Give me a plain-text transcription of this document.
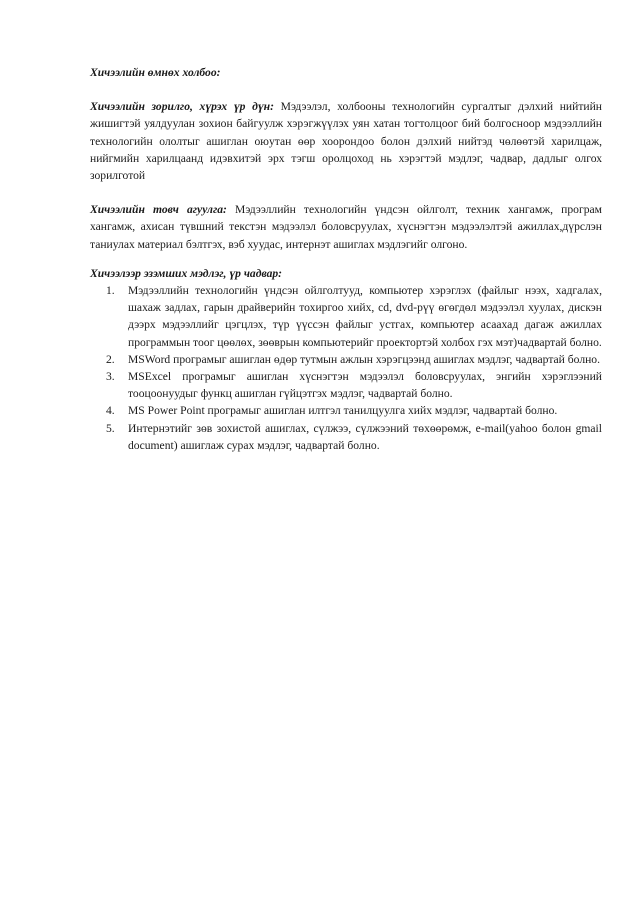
Хичээлийн өмнөх холбоо:

Хичээлийн зорилго, хүрэх үр дүн: Мэдээлэл, холбооны технологийн сургалтыг дэлхий нийтийн жишигтэй уялдуулан зохион байгуулж хэрэгжүүлэх уян хатан тогтолцоог бий болгосноор мэдээллийн технологийн ололтыг ашиглан оюутан өөр хоорондоо болон дэлхий нийтэд чөлөөтэй харилцаж, нийгмийн харилцаанд идэвхитэй эрх тэгш оролцоход нь хэрэгтэй мэдлэг, чадвар, дадлыг олгох зорилготой

Хичээлийн товч агуулга: Мэдээллийн технологийн үндсэн ойлголт, техник хангамж, програм хангамж, ахисан түвшний текстэн мэдээлэл боловсруулах, хүснэгтэн мэдээлэлтэй ажиллах,дүрслэн таниулах материал бэлтгэх, вэб хуудас, интернэт ашиглах мэдлэгийг олгоно.

Хичээлээр эзэмших мэдлэг, үр чадвар:

1. Мэдээллийн технологийн үндсэн ойлголтууд, компьютер хэрэглэх (файлыг нээх, хадгалах, шахаж задлах, гарын драйверийн тохиргоо хийх, cd, dvd-рүү өгөгдөл мэдээлэл хуулах, дискэн дээрх мэдээллийг цэгцлэх, түр үүссэн файлыг устгах, компьютер асаахад дагаж ажиллах программын тоог цөөлөх, зөөврын компьютерийг проектортэй холбох гэх мэт)чадвартай болно.
2. MSWord програмыг ашиглан өдөр тутмын ажлын хэрэгцээнд ашиглах мэдлэг, чадвартай болно.
3. MSExcel програмыг ашиглан хүснэгтэн мэдээлэл боловсруулах, энгийн хэрэглээний тооцоонуудыг функц ашиглан гүйцэтгэх мэдлэг, чадвартай болно.
4. MS Power Point програмыг ашиглан илтгэл танилцуулга хийх мэдлэг, чадвартай болно.
5. Интернэтийг зөв зохистой ашиглах, сүлжээ, сүлжээний төхөөрөмж, e-mail(yahoo болон gmail document) ашиглаж сурах мэдлэг, чадвартай болно.
